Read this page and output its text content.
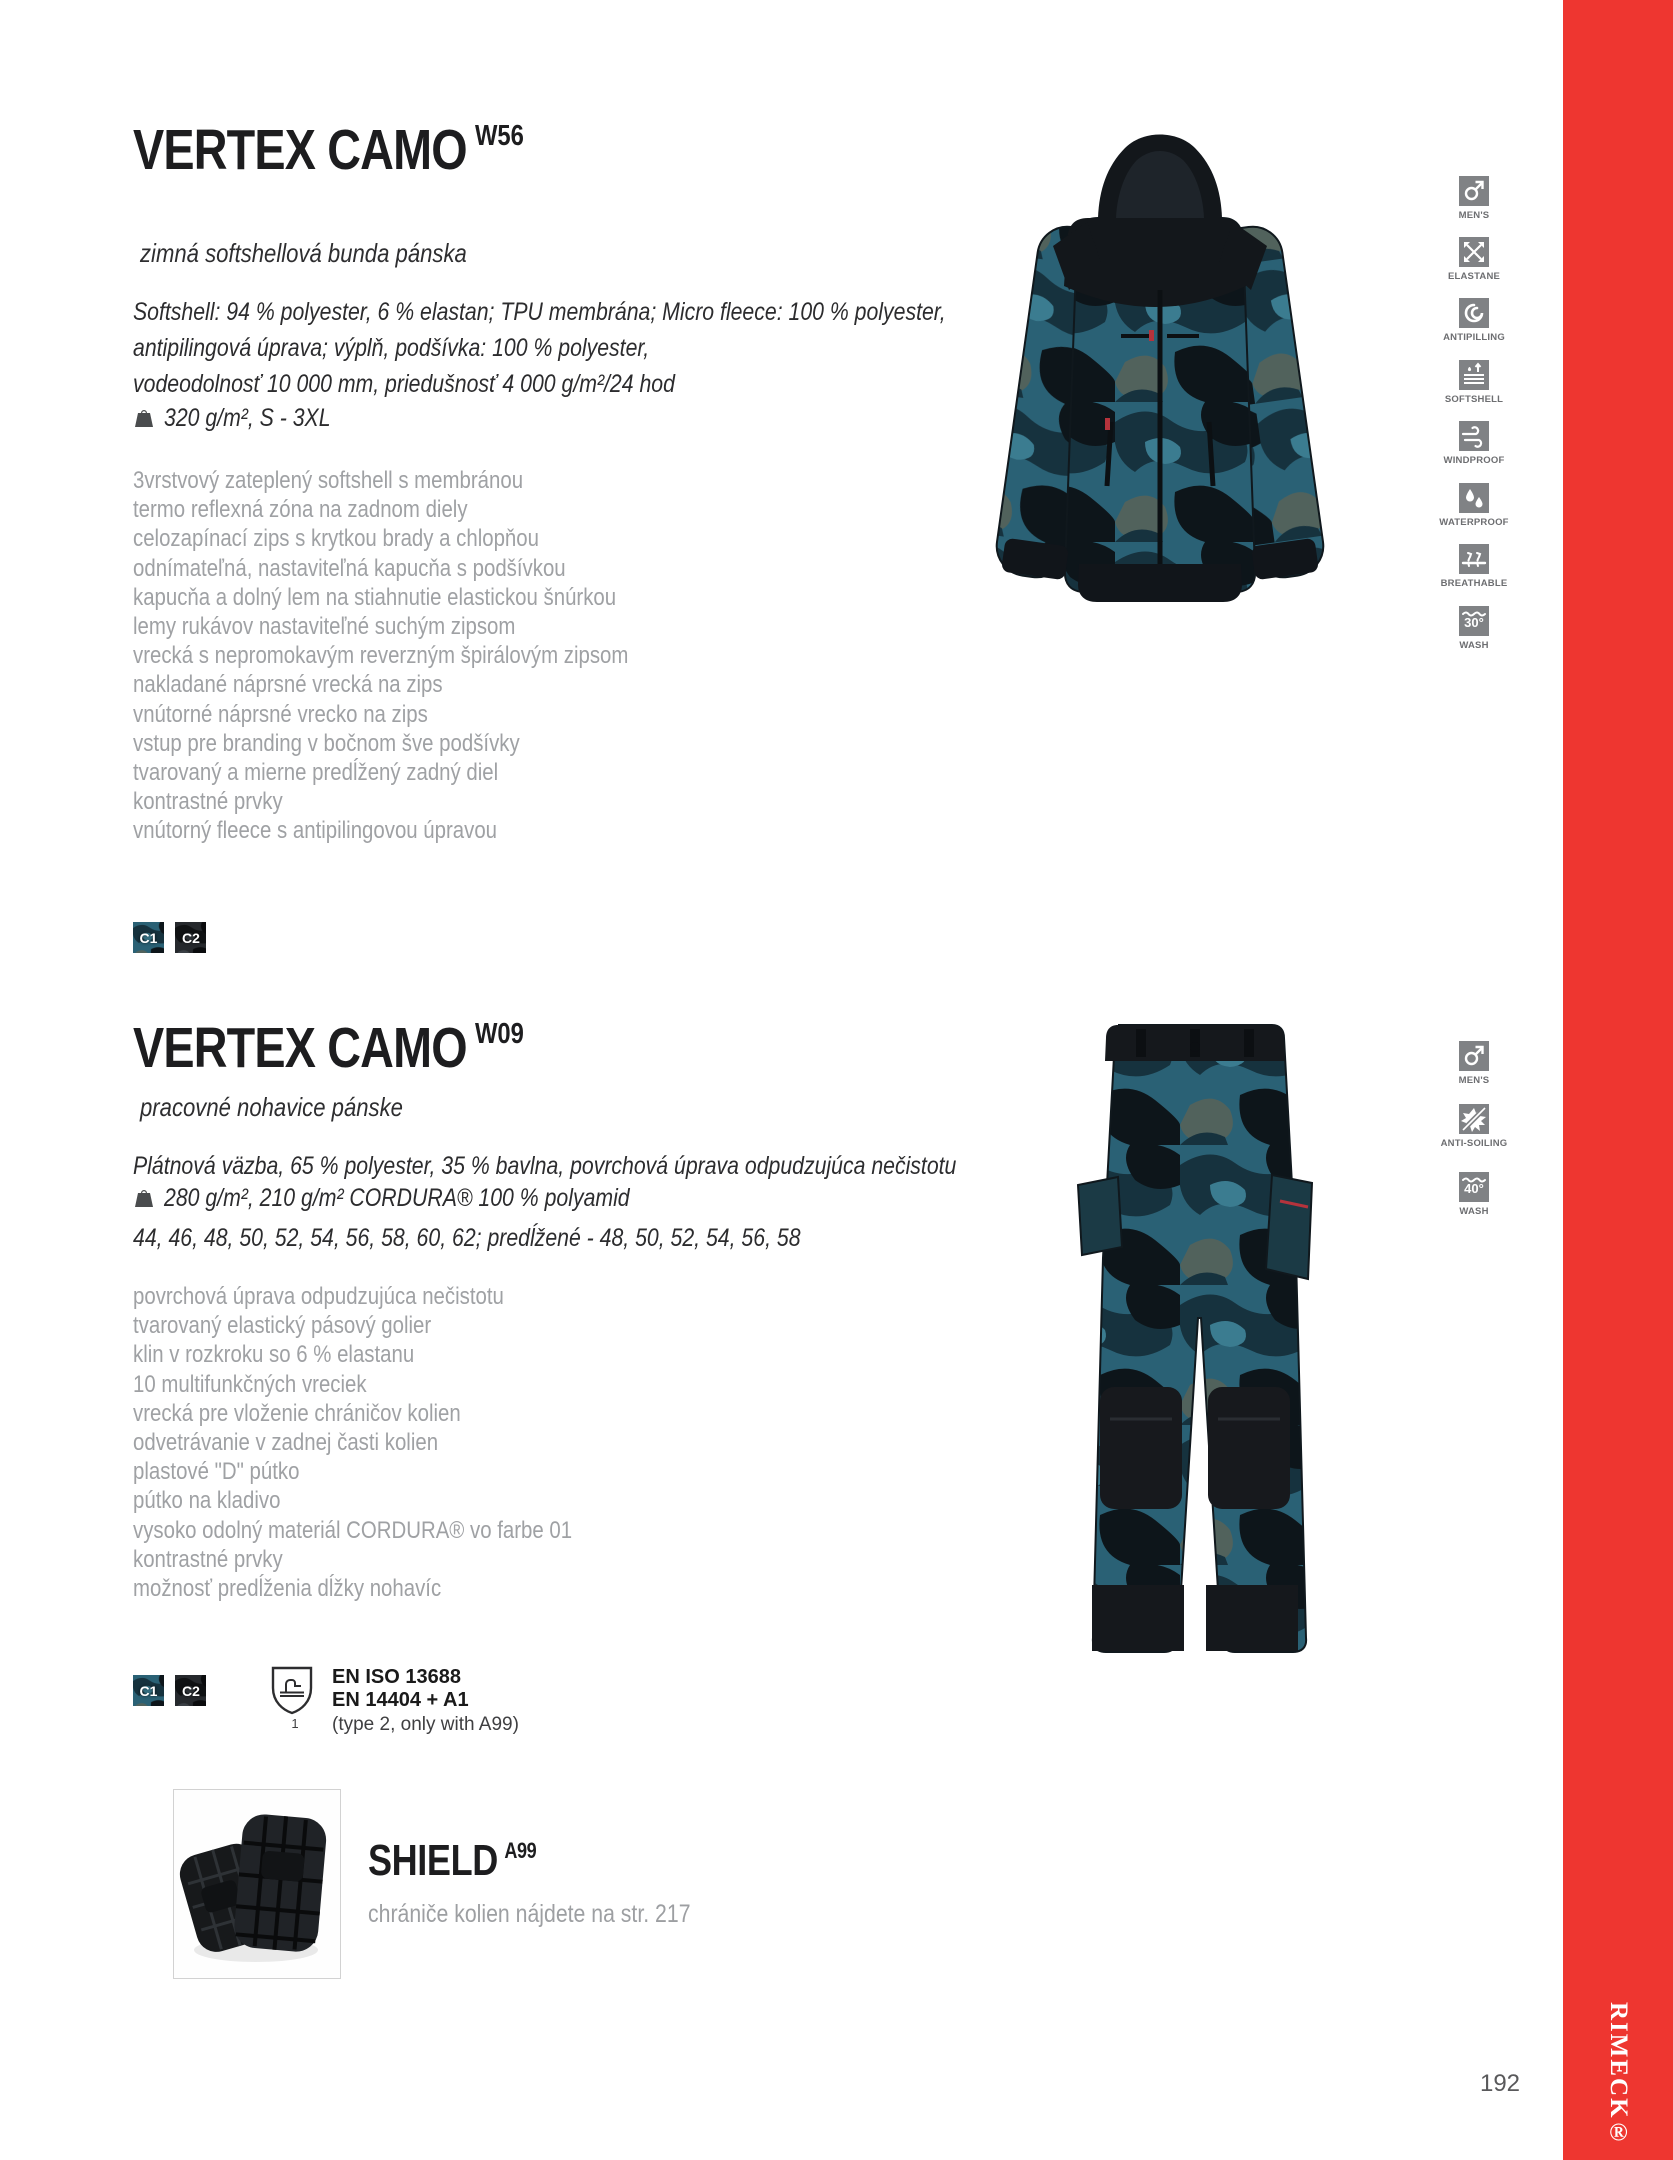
VERTEX CAMO $^{W56}$
zimná softshellová bunda pánska
Softshell: 94 % polyester, 6 % elastan; TPU membrána; Micro fleece: 100 % polyester,
antipilingová úprava; výplň, podšívka: 100 % polyester,
vodeodolnosť 10 000 mm, priedušnosť 4 000 g/m²/24 hod
320 g/m², S - 3XL
3vrstvový zateplený softshell s membránou
termo reflexná zóna na zadnom diely
celozapínací zips s krytkou brady a chlopňou
odnímateľná, nastaviteľná kapucňa s podšívkou
kapucňa a dolný lem na stiahnutie elastickou šnúrkou
lemy rukávov nastaviteľné suchým zipsom
vrecká s nepromokavým reverzným špirálovým zipsom
nakladané náprsné vrecká na zips
vnútorné náprsné vrecko na zips
vstup pre branding v bočnom šve podšívky
tvarovaný a mierne predĺžený zadný diel
kontrastné prvky
vnútorný fleece s antipilingovou úpravou
C1
	C2
MEN'S
ELASTANE
ANTIPILLING
SOFTSHELL
WINDPROOF
WATERPROOF
BREATHABLE
30°
WASH
VERTEX CAMO $^{W09}$
pracovné nohavice pánske
Plátnová väzba, 65 % polyester, 35 % bavlna, povrchová úprava odpudzujúca nečistotu
280 g/m², 210 g/m² CORDURA® 100 % polyamid
44, 46, 48, 50, 52, 54, 56, 58, 60, 62; predĺžené - 48, 50, 52, 54, 56, 58
povrchová úprava odpudzujúca nečistotu
tvarovaný elastický pásový golier
klin v rozkroku so 6 % elastanu
10 multifunkčných vreciek
vrecká pre vloženie chráničov kolien
odvetrávanie v zadnej časti kolien
plastové "D" pútko
pútko na kladivo
vysoko odolný materiál CORDURA® vo farbe 01
kontrastné prvky
možnosť predĺženia dĺžky nohavíc
C1
	C2
1
EN ISO 13688
EN 14404 + A1
(type 2, only with A99)
MEN'S
ANTI-SOILING
40°
WASH
SHIELD $^{A99}$
chrániče kolien nájdete na str. 217
RIMECK®
192
